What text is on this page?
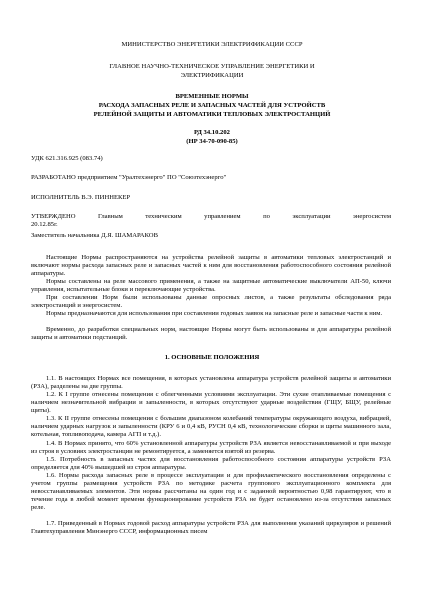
МИНИСТЕРСТВО ЭНЕРГЕТИКИ ЭЛЕКТРИФИКАЦИИ СССР
ГЛАВНОЕ НАУЧНО-ТЕХНИЧЕСКОЕ УПРАВЛЕНИЕ ЭНЕРГЕТИКИ И
ЭЛЕКТРИФИКАЦИИ
ВРЕМЕННЫЕ НОРМЫ
РАСХОДА ЗАПАСНЫХ РЕЛЕ И ЗАПАСНЫХ ЧАСТЕЙ ДЛЯ УСТРОЙСТВ
РЕЛЕЙНОЙ ЗАЩИТЫ И АВТОМАТИКИ ТЕПЛОВЫХ ЭЛЕКТРОСТАНЦИЙ
РД 34.10.202
(НР 34-70-090-85)
УДК 621.316.925 (083.74)
РАЗРАБОТАНО предприятием "Уралтехэнерго" ПО "Союзтехэнерго"
ИСПОЛНИТЕЛЬ В.Э. ПИННЕКЕР
УТВЕРЖДЕНО Главным техническим управлением по эксплуатации энергосистем
20.12.85г.
Заместитель начальника Д.Я. ШАМАРАКОВ
Настоящие Нормы распространяются на устройства релейной защиты в автоматики тепловых электростанций и включают нормы расхода запасных реле и запасных частей к ним для восстановления работоспособного состояния релейной аппаратуры.
Нормы составлены на реле массового применения, а также на защитные автоматические выключатели АП-50, ключи управления, испытательные блоки и переключающие устройства.
При составлении Норм были использованы данные опросных листов, а также результаты обследования ряда электростанций и энергосистем.
Нормы предназначаются для использования при составлении годовых заявок на запасные реле и запасные части к ним.
Временно, до разработки специальных норм, настоящие Нормы могут быть использованы и для аппаратуры релейной защиты и автоматики подстанций.
1. ОСНОВНЫЕ ПОЛОЖЕНИЯ
1.1. В настоящих Нормах все помещения, в которых установлена аппаратура устройств релейной защиты и автоматики (РЗА), разделены на две группы.
1.2. К I группе отнесены помещения с облегченными условиями эксплуатации. Эти сухие отапливаемые помещения с наличием незначительной вибрации и запыленности, в которых отсутствуют ударные воздействия (ГЩУ, БЩУ, релейные щиты).
1.3. К II группе отнесены помещения с большим диапазоном колебаний температуры окружающего воздуха, вибрацией, наличием ударных нагрузок и запыленности (КРУ 6 и 0,4 кВ, РУСН 0,4 кВ, технологические сборки и щиты машинного зала, котельная, топливоподача, камера АГП и т.д.).
1.4. В Нормах принято, что 60% установленной аппаратуры устройств РЗА является невосстанавливаемой и при выходе из строя в условиях электростанции не ремонтируется, а заменяется взятой из резерва.
1.5. Потребность в запасных частях для восстановления работоспособного состояния аппаратуры устройств РЗА определяется для 40% вышедшей из строя аппаратуры.
1.6. Нормы расхода запасных реле в процессе эксплуатации и для профилактического восстановления определены с учетом группы размещения устройств РЗА по методике расчета группового эксплуатационного комплекта для невосстанавливаемых элементов. Эти нормы рассчитаны на один год и с заданной вероятностью 0,98 гарантируют, что в течение года в любой момент времени функционирование устройств РЗА не будет остановлено из-за отсутствия запасных реле.
1.7. Приведенный в Нормах годовой расход аппаратуры устройств РЗА для выполнения указаний циркуляров и решений Главтехуправления Минэнерго СССР, информационных писем
